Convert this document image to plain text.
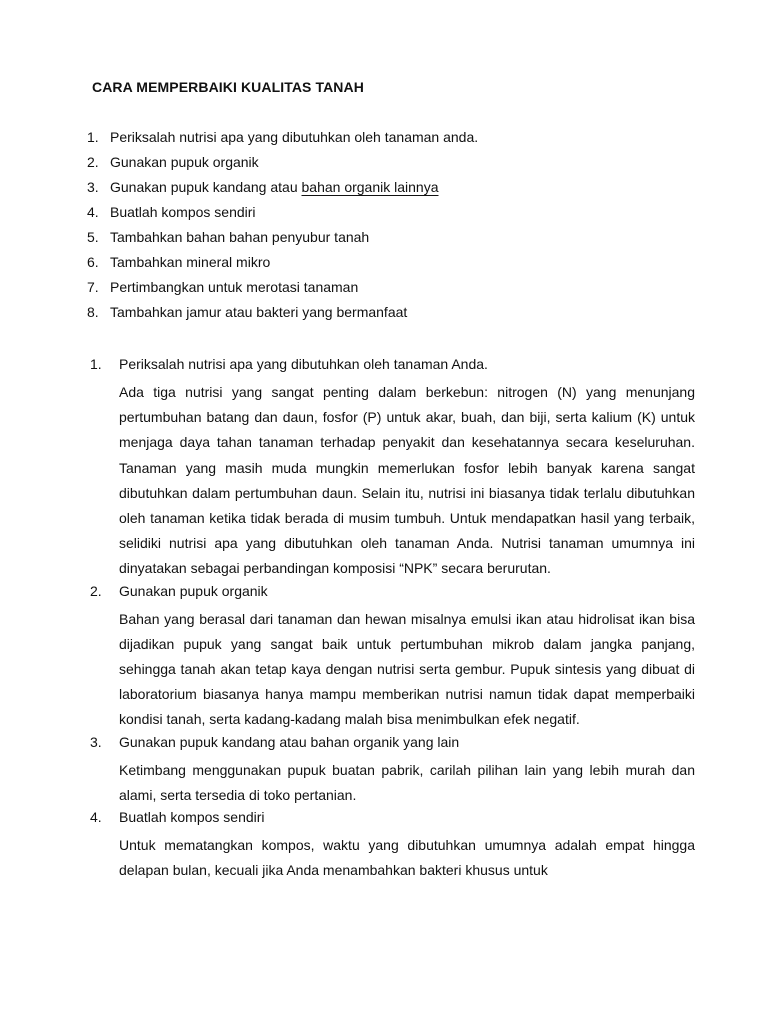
CARA MEMPERBAIKI KUALITAS TANAH
1. Periksalah nutrisi apa yang dibutuhkan oleh tanaman anda.
2. Gunakan pupuk organik
3. Gunakan pupuk kandang atau bahan organik lainnya
4. Buatlah kompos sendiri
5. Tambahkan bahan bahan penyubur tanah
6. Tambahkan mineral mikro
7. Pertimbangkan untuk merotasi tanaman
8. Tambahkan jamur atau bakteri yang bermanfaat
1. Periksalah nutrisi apa yang dibutuhkan oleh tanaman Anda.

Ada tiga nutrisi yang sangat penting dalam berkebun: nitrogen (N) yang menunjang pertumbuhan batang dan daun, fosfor (P) untuk akar, buah, dan biji, serta kalium (K) untuk menjaga daya tahan tanaman terhadap penyakit dan kesehatannya secara keseluruhan. Tanaman yang masih muda mungkin memerlukan fosfor lebih banyak karena sangat dibutuhkan dalam pertumbuhan daun. Selain itu, nutrisi ini biasanya tidak terlalu dibutuhkan oleh tanaman ketika tidak berada di musim tumbuh. Untuk mendapatkan hasil yang terbaik, selidiki nutrisi apa yang dibutuhkan oleh tanaman Anda. Nutrisi tanaman umumnya ini dinyatakan sebagai perbandingan komposisi “NPK” secara berurutan.

2. Gunakan pupuk organik

Bahan yang berasal dari tanaman dan hewan misalnya emulsi ikan atau hidrolisat ikan bisa dijadikan pupuk yang sangat baik untuk pertumbuhan mikrob dalam jangka panjang, sehingga tanah akan tetap kaya dengan nutrisi serta gembur. Pupuk sintesis yang dibuat di laboratorium biasanya hanya mampu memberikan nutrisi namun tidak dapat memperbaiki kondisi tanah, serta kadang-kadang malah bisa menimbulkan efek negatif.

3. Gunakan pupuk kandang atau bahan organik yang lain

Ketimbang menggunakan pupuk buatan pabrik, carilah pilihan lain yang lebih murah dan alami, serta tersedia di toko pertanian.

4. Buatlah kompos sendiri

Untuk mematangkan kompos, waktu yang dibutuhkan umumnya adalah empat hingga delapan bulan, kecuali jika Anda menambahkan bakteri khusus untuk
